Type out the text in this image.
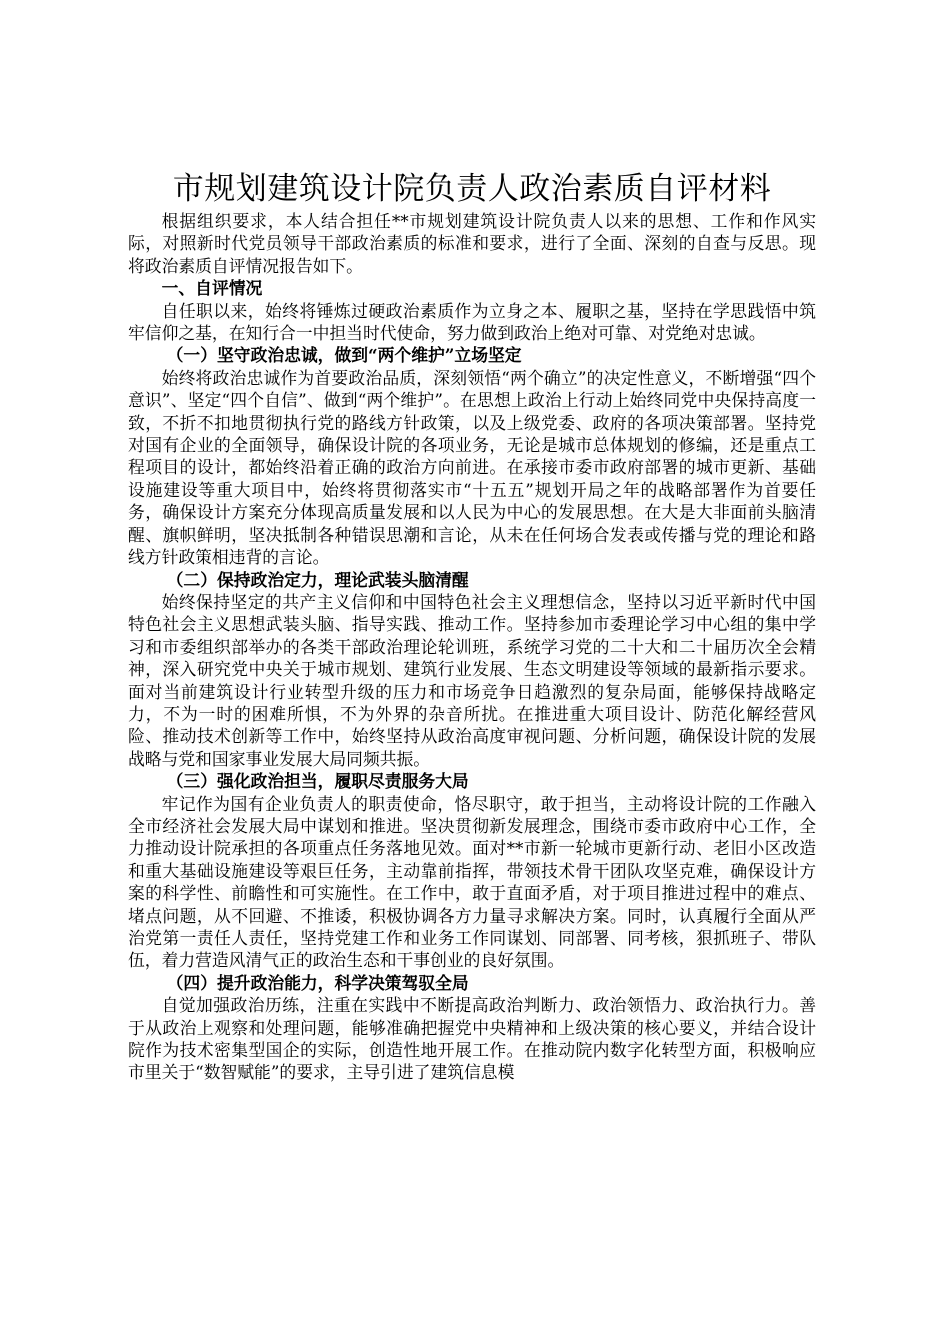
市规划建筑设计院负责人政治素质自评材料

根据组织要求，本人结合担任**市规划建筑设计院负责人以来的思想、工作和作风实际，对照新时代党员领导干部政治素质的标准和要求，进行了全面、深刻的自查与反思。现将政治素质自评情况报告如下。

一、自评情况

自任职以来，始终将锤炼过硬政治素质作为立身之本、履职之基，坚持在学思践悟中筑牢信仰之基，在知行合一中担当时代使命，努力做到政治上绝对可靠、对党绝对忠诚。

（一）坚守政治忠诚，做到“两个维护”立场坚定

始终将政治忠诚作为首要政治品质，深刻领悟“两个确立”的决定性意义，不断增强“四个意识”、坚定“四个自信”、做到“两个维护”。在思想上政治上行动上始终同党中央保持高度一致，不折不扣地贯彻执行党的路线方针政策，以及上级党委、政府的各项决策部署。坚持党对国有企业的全面领导，确保设计院的各项业务，无论是城市总体规划的修编，还是重点工程项目的设计，都始终沿着正确的政治方向前进。在承接市委市政府部署的城市更新、基础设施建设等重大项目中，始终将贯彻落实市“十五五”规划开局之年的战略部署作为首要任务，确保设计方案充分体现高质量发展和以人民为中心的发展思想。在大是大非面前头脑清醒、旗帜鲜明，坚决抵制各种错误思潮和言论，从未在任何场合发表或传播与党的理论和路线方针政策相违背的言论。

（二）保持政治定力，理论武装头脑清醒

始终保持坚定的共产主义信仰和中国特色社会主义理想信念，坚持以习近平新时代中国特色社会主义思想武装头脑、指导实践、推动工作。坚持参加市委理论学习中心组的集中学习和市委组织部举办的各类干部政治理论轮训班，系统学习党的二十大和二十届历次全会精神，深入研究党中央关于城市规划、建筑行业发展、生态文明建设等领域的最新指示要求。面对当前建筑设计行业转型升级的压力和市场竞争日趋激烈的复杂局面，能够保持战略定力，不为一时的困难所惧，不为外界的杂音所扰。在推进重大项目设计、防范化解经营风险、推动技术创新等工作中，始终坚持从政治高度审视问题、分析问题，确保设计院的发展战略与党和国家事业发展大局同频共振。

（三）强化政治担当，履职尽责服务大局

牢记作为国有企业负责人的职责使命，恪尽职守，敢于担当，主动将设计院的工作融入全市经济社会发展大局中谋划和推进。坚决贯彻新发展理念，围绕市委市政府中心工作，全力推动设计院承担的各项重点任务落地见效。面对**市新一轮城市更新行动、老旧小区改造和重大基础设施建设等艰巨任务，主动靠前指挥，带领技术骨干团队攻坚克难，确保设计方案的科学性、前瞻性和可实施性。在工作中，敢于直面矛盾，对于项目推进过程中的难点、堵点问题，从不回避、不推诿，积极协调各方力量寻求解决方案。同时，认真履行全面从严治党第一责任人责任，坚持党建工作和业务工作同谋划、同部署、同考核，狠抓班子、带队伍，着力营造风清气正的政治生态和干事创业的良好氛围。

（四）提升政治能力，科学决策驾驭全局

自觉加强政治历练，注重在实践中不断提高政治判断力、政治领悟力、政治执行力。善于从政治上观察和处理问题，能够准确把握党中央精神和上级决策的核心要义，并结合设计院作为技术密集型国企的实际，创造性地开展工作。在推动院内数字化转型方面，积极响应市里关于“数智赋能”的要求，主导引进了建筑信息模
